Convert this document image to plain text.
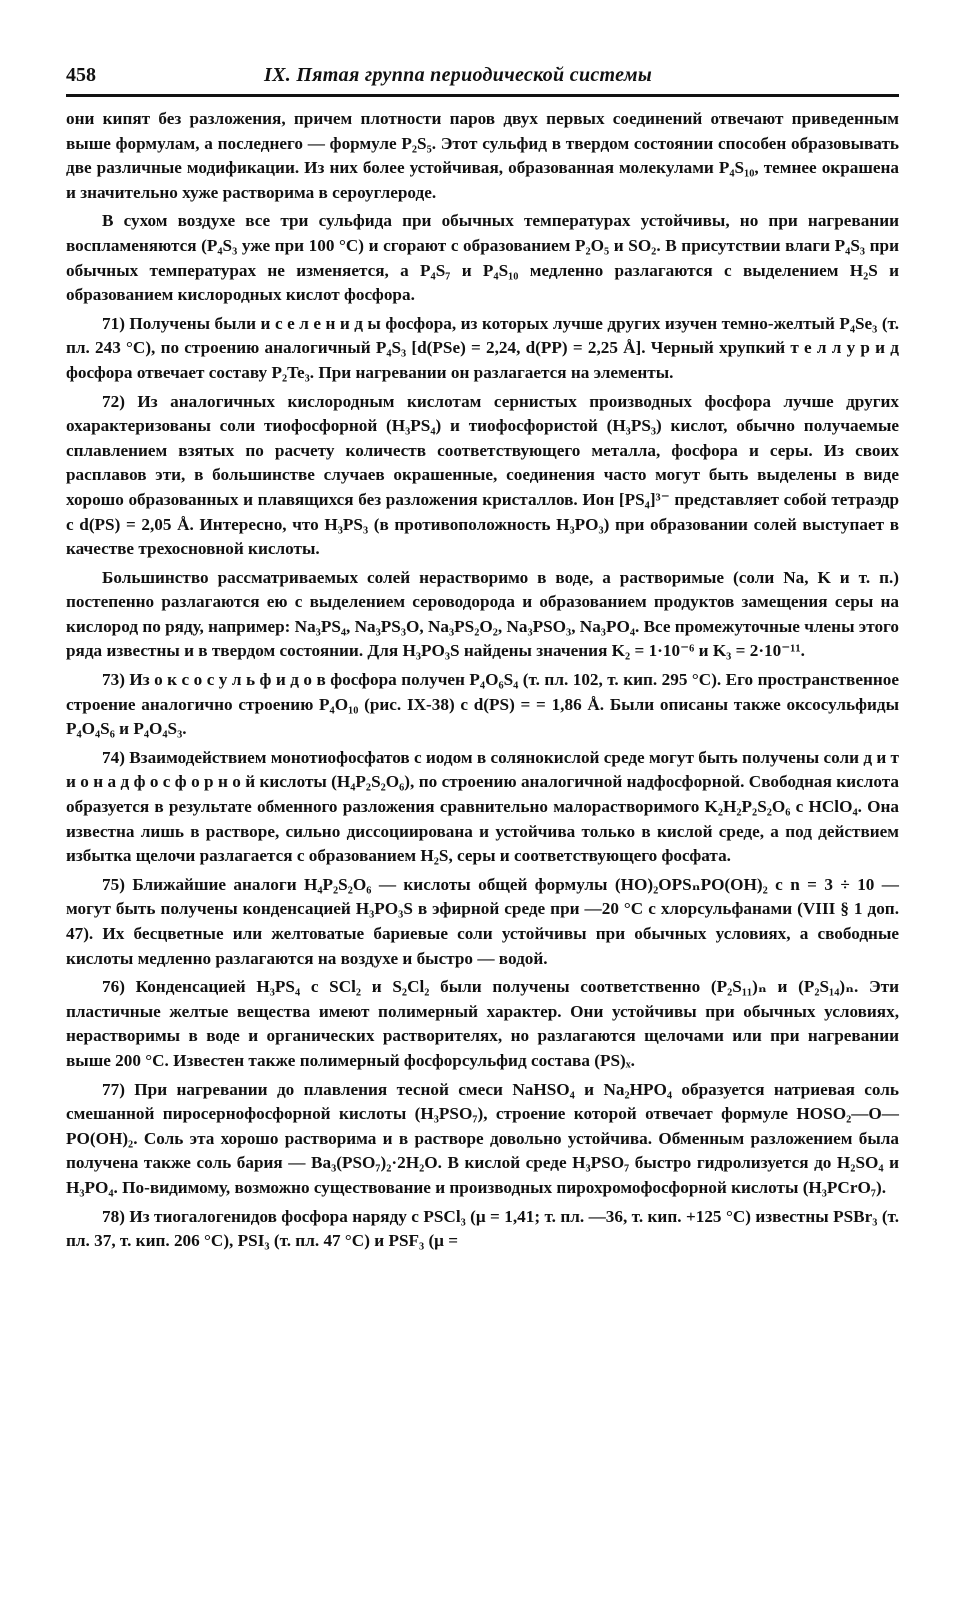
458	IX. Пятая группа периодической системы

они кипят без разложения, причем плотности паров двух первых соединений отвечают приведенным выше формулам, а последнего — формуле P₂S₅. Этот сульфид в твердом состоянии способен образовывать две различные модификации. Из них более устойчивая, образованная молекулами P₄S₁₀, темнее окрашена и значительно хуже растворима в сероуглероде.

В сухом воздухе все три сульфида при обычных температурах устойчивы, но при нагревании воспламеняются (P₄S₃ уже при 100 °C) и сгорают с образованием P₂O₅ и SO₂. В присутствии влаги P₄S₃ при обычных температурах не изменяется, а P₄S₇ и P₄S₁₀ медленно разлагаются с выделением H₂S и образованием кислородных кислот фосфора.

71) Получены были и с е л е н и д ы фосфора, из которых лучше других изучен темно-желтый P₄Se₃ (т. пл. 243 °C), по строению аналогичный P₄S₃ [d(PSe) = 2,24, d(PP) = 2,25 Å]. Черный хрупкий т е л л у р и д фосфора отвечает составу P₂Te₃. При нагревании он разлагается на элементы.

72) Из аналогичных кислородным кислотам сернистых производных фосфора лучше других охарактеризованы соли тиофосфорной (H₃PS₄) и тиофосфористой (H₃PS₃) кислот, обычно получаемые сплавлением взятых по расчету количеств соответствующего металла, фосфора и серы. Из своих расплавов эти, в большинстве случаев окрашенные, соединения часто могут быть выделены в виде хорошо образованных и плавящихся без разложения кристаллов. Ион [PS₄]³⁻ представляет собой тетраэдр с d(PS) = 2,05 Å. Интересно, что H₃PS₃ (в противоположность H₃PO₃) при образовании солей выступает в качестве трехосновной кислоты.

Большинство рассматриваемых солей нерастворимо в воде, а растворимые (соли Na, K и т. п.) постепенно разлагаются ею с выделением сероводорода и образованием продуктов замещения серы на кислород по ряду, например: Na₃PS₄, Na₃PS₃O, Na₃PS₂O₂, Na₃PSO₃, Na₃PO₄. Все промежуточные члены этого ряда известны и в твердом состоянии. Для H₃PO₃S найдены значения K₂ = 1·10⁻⁶ и K₃ = 2·10⁻¹¹.

73) Из о к с о с у л ь ф и д о в фосфора получен P₄O₆S₄ (т. пл. 102, т. кип. 295 °C). Его пространственное строение аналогично строению P₄O₁₀ (рис. IX-38) с d(PS) = = 1,86 Å. Были описаны также оксосульфиды P₄O₄S₆ и P₄O₄S₃.

74) Взаимодействием монотиофосфатов с иодом в солянокислой среде могут быть получены соли д и т и о н а д ф о с ф о р н о й кислоты (H₄P₂S₂O₆), по строению аналогичной надфосфорной. Свободная кислота образуется в результате обменного разложения сравнительно малорастворимого K₂H₂P₂S₂O₆ с HClO₄. Она известна лишь в растворе, сильно диссоциирована и устойчива только в кислой среде, а под действием избытка щелочи разлагается с образованием H₂S, серы и соответствующего фосфата.

75) Ближайшие аналоги H₄P₂S₂O₆ — кислоты общей формулы (HO)₂OPSₙPO(OH)₂ с n = 3 ÷ 10 — могут быть получены конденсацией H₃PO₃S в эфирной среде при —20 °C с хлорсульфанами (VIII § 1 доп. 47). Их бесцветные или желтоватые бариевые соли устойчивы при обычных условиях, а свободные кислоты медленно разлагаются на воздухе и быстро — водой.

76) Конденсацией H₃PS₄ с SCl₂ и S₂Cl₂ были получены соответственно (P₂S₁₁)ₙ и (P₂S₁₄)ₙ. Эти пластичные желтые вещества имеют полимерный характер. Они устойчивы при обычных условиях, нерастворимы в воде и органических растворителях, но разлагаются щелочами или при нагревании выше 200 °C. Известен также полимерный фосфорсульфид состава (PS)ₓ.

77) При нагревании до плавления тесной смеси NaHSO₄ и Na₂HPO₄ образуется натриевая соль смешанной пиросернофосфорной кислоты (H₃PSO₇), строение которой отвечает формуле HOSO₂—O—PO(OH)₂. Соль эта хорошо растворима и в растворе довольно устойчива. Обменным разложением была получена также соль бария — Ba₃(PSO₇)₂·2H₂O. В кислой среде H₃PSO₇ быстро гидролизуется до H₂SO₄ и H₃PO₄. По-видимому, возможно существование и производных пирохромофосфорной кислоты (H₃PCrO₇).

78) Из тиогалогенидов фосфора наряду с PSCl₃ (μ = 1,41; т. пл. —36, т. кип. +125 °C) известны PSBr₃ (т. пл. 37, т. кип. 206 °C), PSI₃ (т. пл. 47 °C) и PSF₃ (μ =
